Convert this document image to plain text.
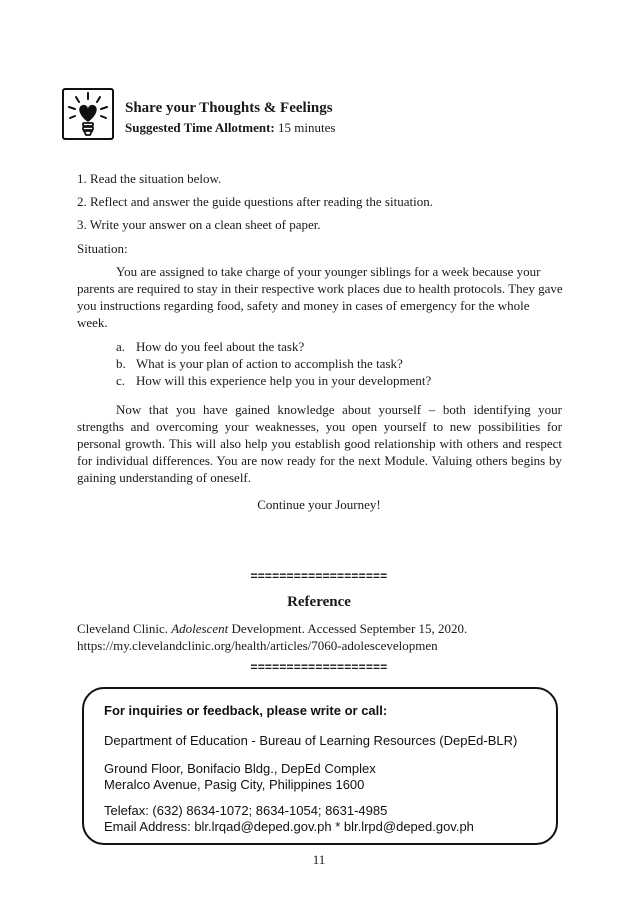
Share your Thoughts & Feelings
Suggested Time Allotment: 15 minutes
1. Read the situation below.
2. Reflect and answer the guide questions after reading the situation.
3. Write your answer on a clean sheet of paper.
Situation:
You are assigned to take charge of your younger siblings for a week because your parents are required to stay in their respective work places due to health protocols. They gave you instructions regarding food, safety and money in cases of emergency for the whole week.
a. How do you feel about the task?
b. What is your plan of action to accomplish the task?
c. How will this experience help you in your development?
Now that you have gained knowledge about yourself – both identifying your strengths and overcoming your weaknesses, you open yourself to new possibilities for personal growth. This will also help you establish good relationship with others and respect for individual differences. You are now ready for the next Module. Valuing others begins by gaining understanding of oneself.
Continue your Journey!
===================
Reference
Cleveland Clinic. Adolescent Development. Accessed September 15, 2020.
https://my.clevelandclinic.org/health/articles/7060-adolescevelopmen
===================
For inquiries or feedback, please write or call:
Department of Education - Bureau of Learning Resources (DepEd-BLR)
Ground Floor, Bonifacio Bldg., DepEd Complex
Meralco Avenue, Pasig City, Philippines 1600
Telefax: (632) 8634-1072; 8634-1054; 8631-4985
Email Address: blr.lrqad@deped.gov.ph * blr.lrpd@deped.gov.ph
11
